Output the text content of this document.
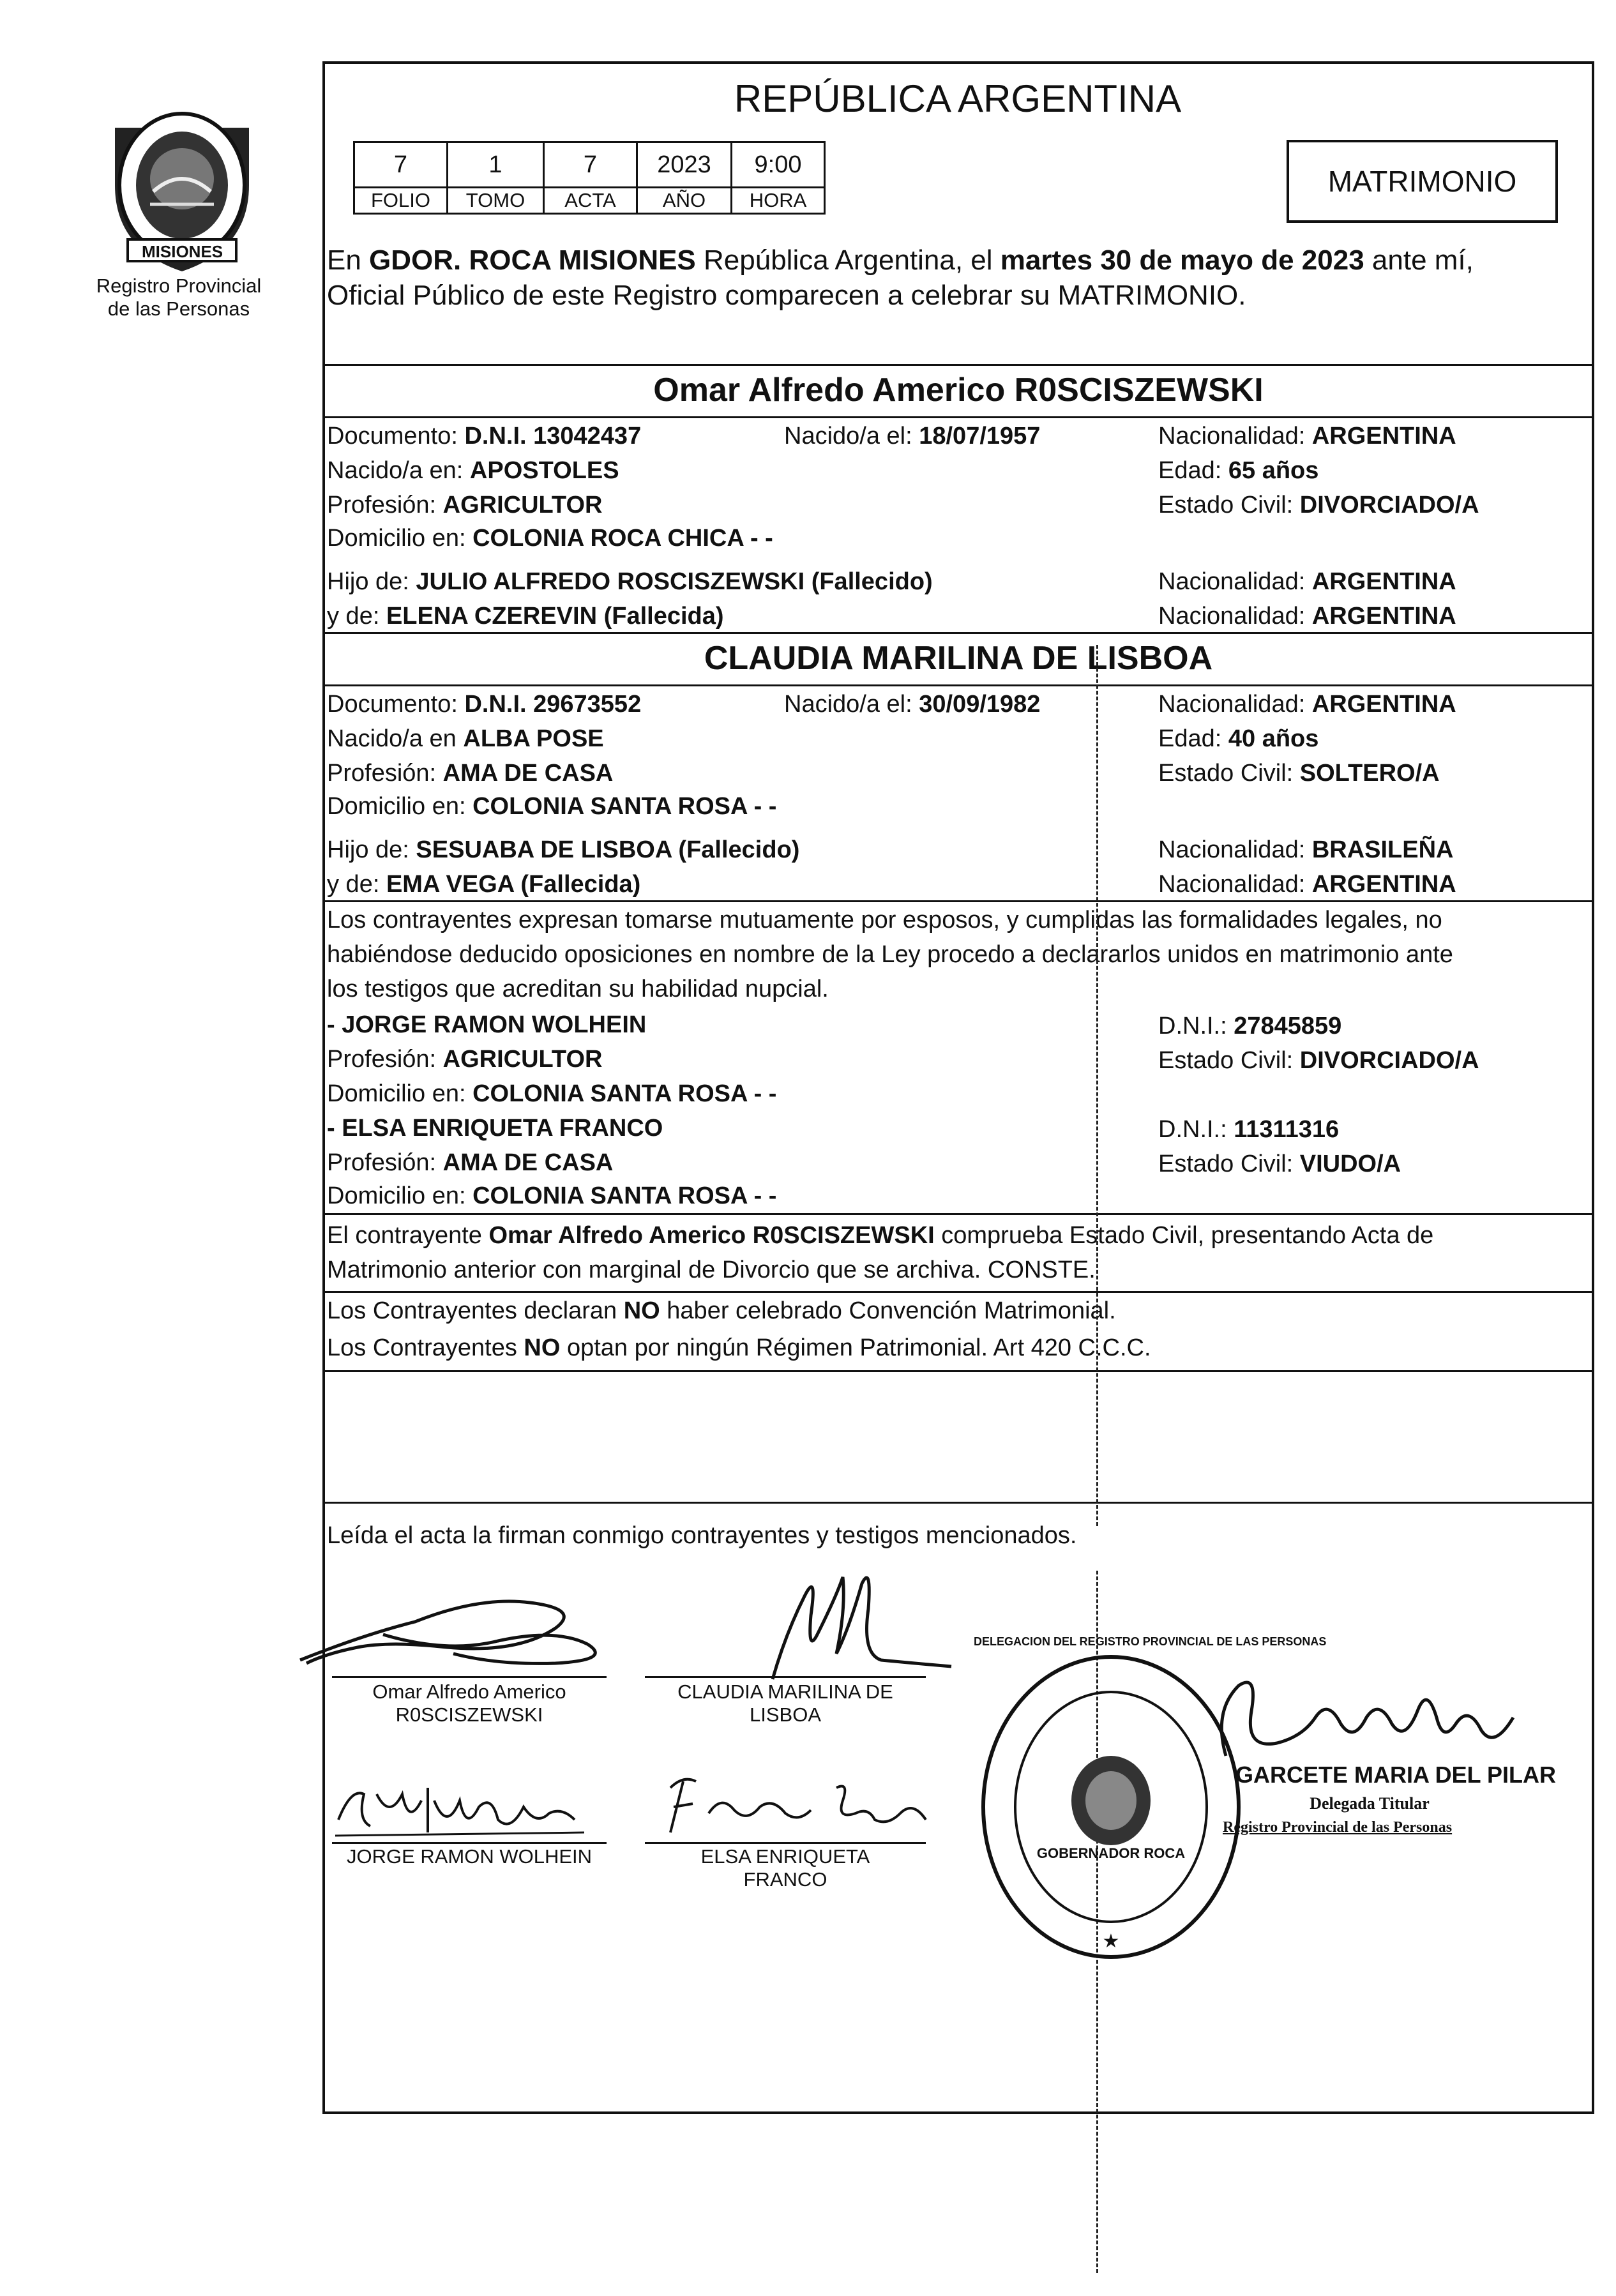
PROVINCIA DE
MISIONES
Registro Provincial
de las Personas
REPÚBLICA ARGENTINA
7	1	7	2023	9:00
FOLIO	TOMO	ACTA	AÑO	HORA
MATRIMONIO
En GDOR. ROCA MISIONES República Argentina, el martes 30 de mayo de 2023 ante mí,
Oficial Público de este Registro comparecen a celebrar su MATRIMONIO.
Omar Alfredo Americo R0SCISZEWSKI
Documento: D.N.I. 13042437	Nacido/a el: 18/07/1957	Nacionalidad: ARGENTINA
Nacido/a en: APOSTOLES	Edad: 65 años
Profesión: AGRICULTOR	Estado Civil: DIVORCIADO/A
Domicilio en: COLONIA ROCA CHICA - -
Hijo de: JULIO ALFREDO ROSCISZEWSKI (Fallecido)	Nacionalidad: ARGENTINA
y de: ELENA CZEREVIN (Fallecida)	Nacionalidad: ARGENTINA
CLAUDIA MARILINA DE LISBOA
Documento: D.N.I. 29673552	Nacido/a el: 30/09/1982	Nacionalidad: ARGENTINA
Nacido/a en ALBA POSE	Edad: 40 años
Profesión: AMA DE CASA	Estado Civil: SOLTERO/A
Domicilio en: COLONIA SANTA ROSA - -
Hijo de: SESUABA DE LISBOA (Fallecido)	Nacionalidad: BRASILEÑA
y de: EMA VEGA (Fallecida)	Nacionalidad: ARGENTINA
Los contrayentes expresan tomarse mutuamente por esposos, y cumplidas las formalidades legales, no
habiéndose deducido oposiciones en nombre de la Ley procedo a declararlos unidos en matrimonio ante
los testigos que acreditan su habilidad nupcial.
- JORGE RAMON WOLHEIN	D.N.I.: 27845859
Profesión: AGRICULTOR	Estado Civil: DIVORCIADO/A
Domicilio en: COLONIA SANTA ROSA - -
- ELSA ENRIQUETA FRANCO	D.N.I.: 11311316
Profesión: AMA DE CASA	Estado Civil: VIUDO/A
Domicilio en: COLONIA SANTA ROSA - -
El contrayente Omar Alfredo Americo R0SCISZEWSKI comprueba Estado Civil, presentando Acta de
Matrimonio anterior con marginal de Divorcio que se archiva. CONSTE.
Los Contrayentes declaran NO haber celebrado Convención Matrimonial.
Los Contrayentes NO optan por ningún Régimen Patrimonial. Art 420 C.C.C.
Leída el acta la firman conmigo contrayentes y testigos mencionados.
Omar Alfredo Americo
R0SCISZEWSKI
CLAUDIA MARILINA DE
LISBOA
JORGE RAMON WOLHEIN	ELSA ENRIQUETA
FRANCO
★
DELEGACION DEL REGISTRO PROVINCIAL DE LAS PERSONAS
GOBERNADOR ROCA
GARCETE MARIA DEL PILAR
Delegada Titular
Registro Provincial de las Personas
